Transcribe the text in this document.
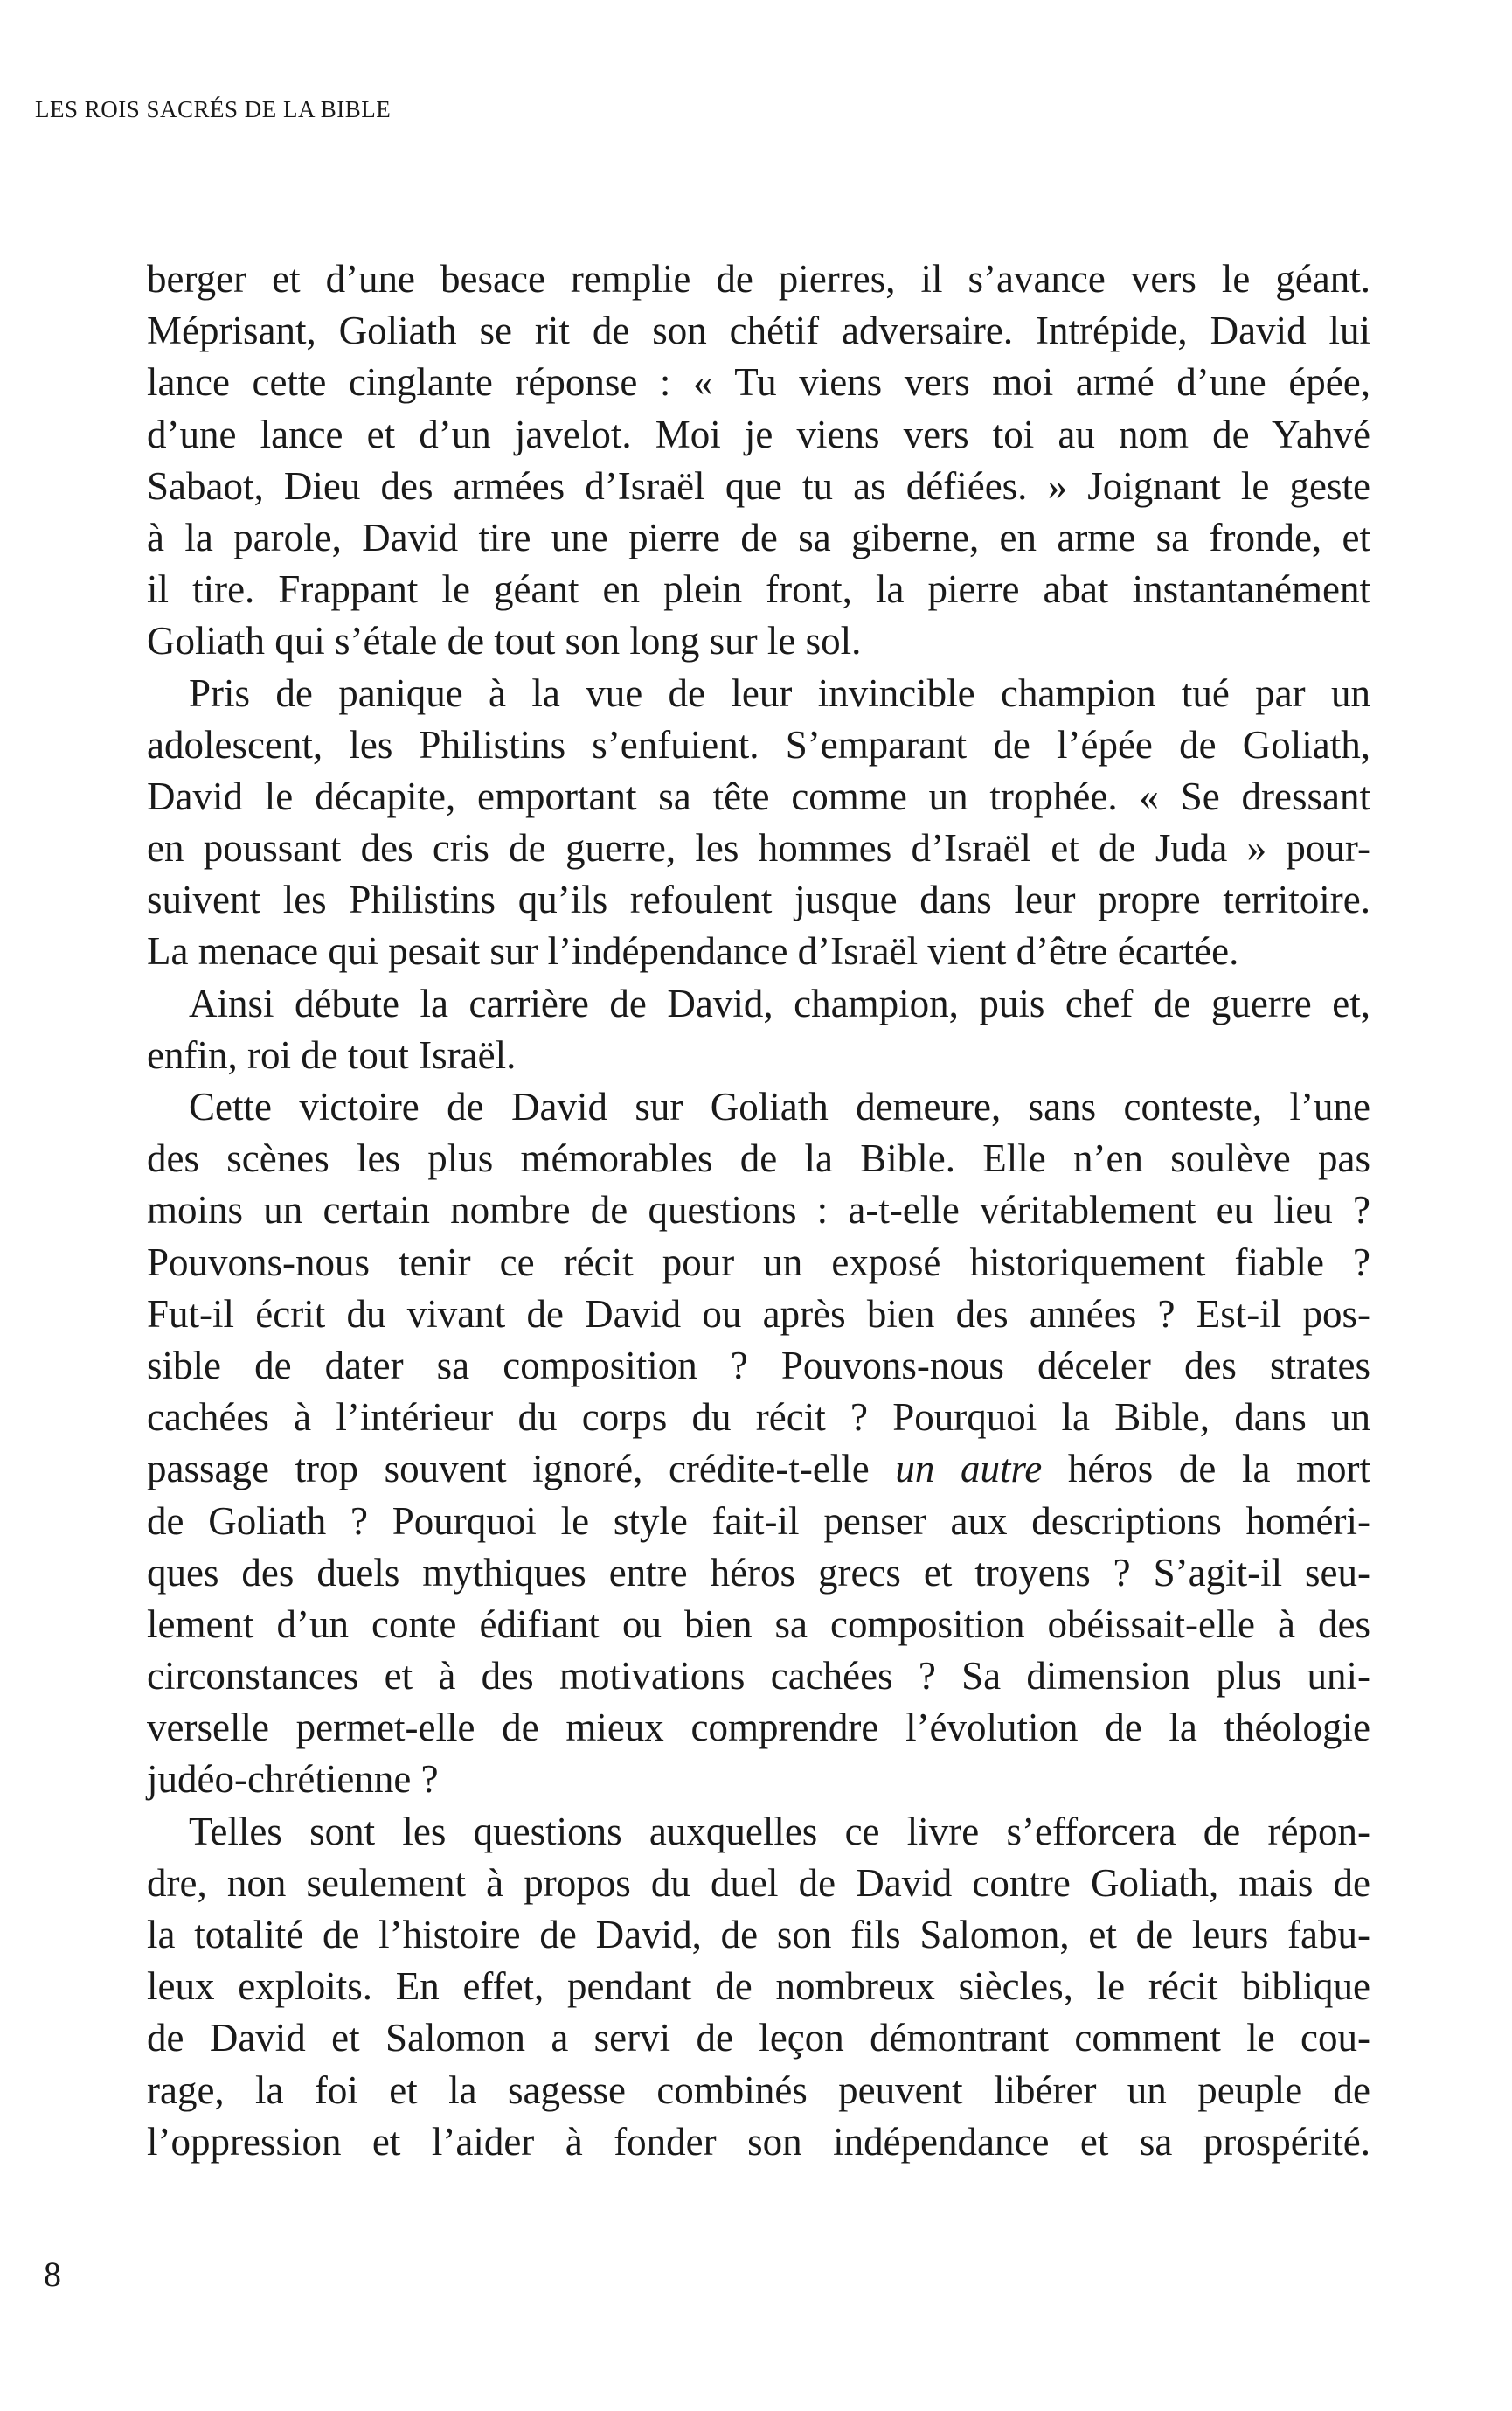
LES ROIS SACRÉS DE LA BIBLE
berger et d’une besace remplie de pierres, il s’avance vers le géant.
Méprisant, Goliath se rit de son chétif adversaire. Intrépide, David lui
lance cette cinglante réponse : « Tu viens vers moi armé d’une épée,
d’une lance et d’un javelot. Moi je viens vers toi au nom de Yahvé
Sabaot, Dieu des armées d’Israël que tu as défiées. » Joignant le geste
à la parole, David tire une pierre de sa giberne, en arme sa fronde, et
il tire. Frappant le géant en plein front, la pierre abat instantanément
Goliath qui s’étale de tout son long sur le sol.
Pris de panique à la vue de leur invincible champion tué par un
adolescent, les Philistins s’enfuient. S’emparant de l’épée de Goliath,
David le décapite, emportant sa tête comme un trophée. « Se dressant
en poussant des cris de guerre, les hommes d’Israël et de Juda » pour-
suivent les Philistins qu’ils refoulent jusque dans leur propre territoire.
La menace qui pesait sur l’indépendance d’Israël vient d’être écartée.
Ainsi débute la carrière de David, champion, puis chef de guerre et,
enfin, roi de tout Israël.
Cette victoire de David sur Goliath demeure, sans conteste, l’une
des scènes les plus mémorables de la Bible. Elle n’en soulève pas
moins un certain nombre de questions : a-t-elle véritablement eu lieu ?
Pouvons-nous tenir ce récit pour un exposé historiquement fiable ?
Fut-il écrit du vivant de David ou après bien des années ? Est-il pos-
sible de dater sa composition ? Pouvons-nous déceler des strates
cachées à l’intérieur du corps du récit ? Pourquoi la Bible, dans un
passage trop souvent ignoré, crédite-t-elle un autre héros de la mort
de Goliath ? Pourquoi le style fait-il penser aux descriptions homéri-
ques des duels mythiques entre héros grecs et troyens ? S’agit-il seu-
lement d’un conte édifiant ou bien sa composition obéissait-elle à des
circonstances et à des motivations cachées ? Sa dimension plus uni-
verselle permet-elle de mieux comprendre l’évolution de la théologie
judéo-chrétienne ?
Telles sont les questions auxquelles ce livre s’efforcera de répon-
dre, non seulement à propos du duel de David contre Goliath, mais de
la totalité de l’histoire de David, de son fils Salomon, et de leurs fabu-
leux exploits. En effet, pendant de nombreux siècles, le récit biblique
de David et Salomon a servi de leçon démontrant comment le cou-
rage, la foi et la sagesse combinés peuvent libérer un peuple de
l’oppression et l’aider à fonder son indépendance et sa prospérité.
8
